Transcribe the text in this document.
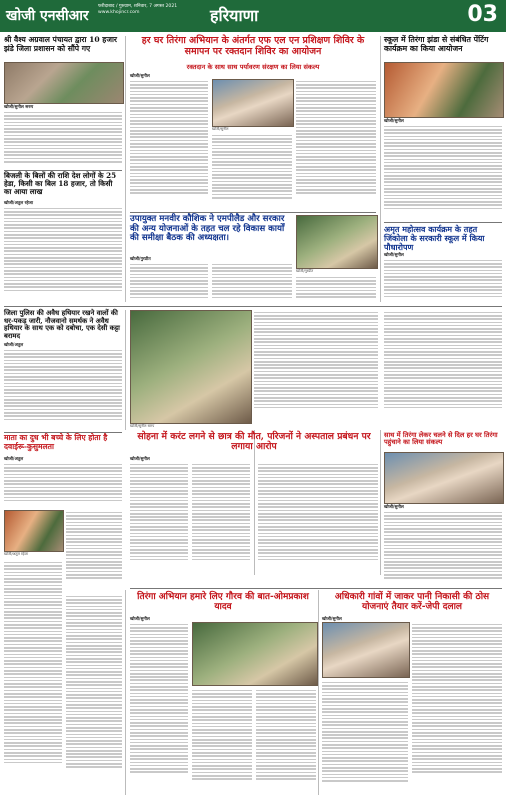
खोजी एनसीआर
फरीदाबाद / गुरुग्राम, शनिवार, 7 अगस्त 2021
www.khojincr.com	हरियाणा	03
श्री वैश्य अग्रवाल पंचायत द्वारा 10 हजार झंडे जिला प्रशासन को सौंपे गए
खोजी/सुनील सरुप
बिजली के बिलों की राशि देश लोगों के 25 हेडा, किसी का बिल 18 हजार, तो किसी का आया लाख
खोजी/अतुल रहेजा
हर घर तिरंगा अभियान के अंतर्गत एफ एल एन प्रशिक्षण शिविर के समापन पर रक्तदान शिविर का आयोजन
रक्तदान के साथ साथ पर्यावरण संरक्षण का लिया संकल्प
खोजी/सुनील
खोजी/सुनील
उपायुक्त मनवीर कौशिक ने एमपीलैड और सरकार की अन्य योजनाओं के तहत चल रहे विकास कार्यों की समीक्षा बैठक की अध्यक्षता।
खोजी/गुरप्रीत
खोजी/गुरप्रीत
स्कूल में तिरंगा झंडा से संबंधित पेंटिंग कार्यक्रम का किया आयोजन
खोजी/सुनील
अमृत महोत्सव कार्यक्रम के तहत जिंकोला के सरकारी स्कूल में किया पौधारोपण
खोजी/सुनील
जिला पुलिस की अवैध हथियार रखने वालों की धर-पकड़ जारी, नौजवानो समर्थक ने अवैध हथियार के साथ एक को दबोचा, एक देसी कट्टा बरामद
खोजी/अतुल
खोजी/सुनील सरुप
सोहना में करंट लगने से छात्र की मौत, परिजनों ने अस्पताल प्रबंधन पर लगाया आरोप
खोजी/सुनील
साथ में तिरंगा लेकर चलने से दिल हर घर तिरंगा पहुंचाने का लिया संकल्प
खोजी/सुनील
माता का दुध भी बच्चे के लिए होता है दवाईरू-कुसुमलता
खोजी/अतुल
खोजी/अतुल रहेजा
तिरंगा अभियान हमारे लिए गौरव की बात-ओमप्रकाश यादव
खोजी/सुनील
अधिकारी गांवों में जाकर पानी निकासी की ठोस योजनाएं तैयार करें-जेपी दलाल
खोजी/सुनील
